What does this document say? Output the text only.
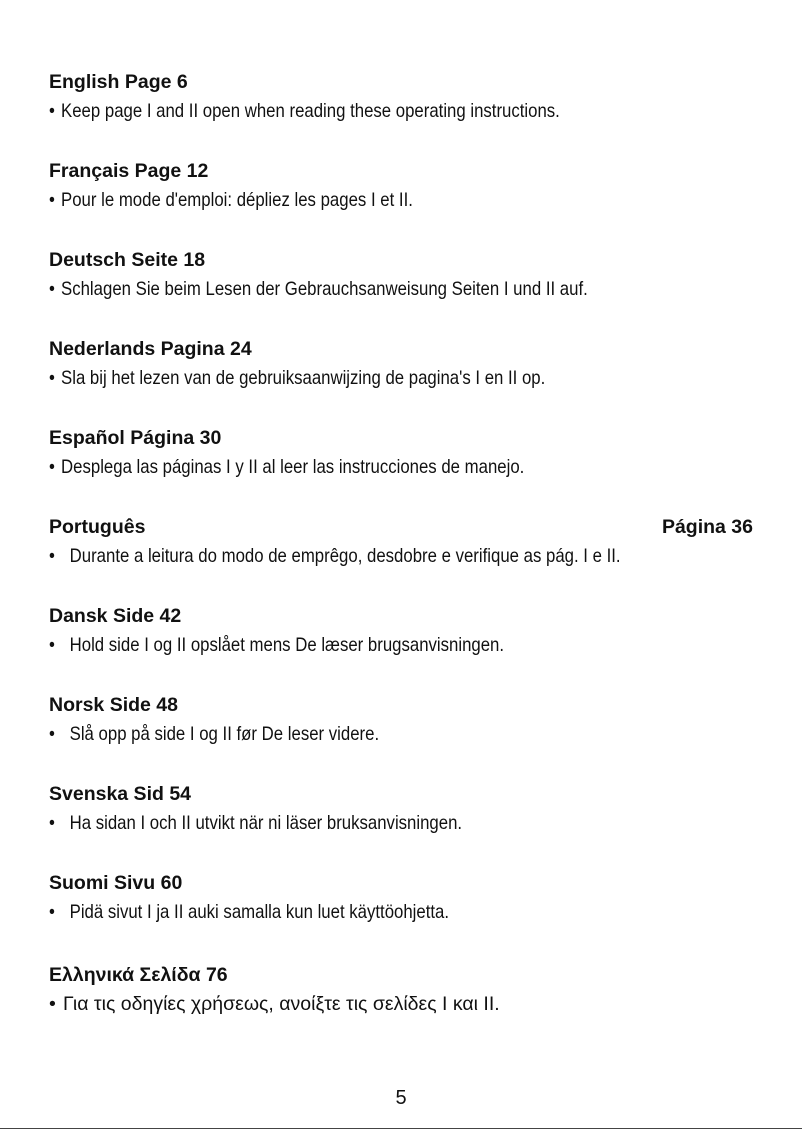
English Page 6
• Keep page I and II open when reading these operating instructions.
Français Page 12
• Pour le mode d'emploi: dépliez les pages I et II.
Deutsch Seite 18
• Schlagen Sie beim Lesen der Gebrauchsanweisung Seiten I und II auf.
Nederlands Pagina 24
• Sla bij het lezen van de gebruiksaanwijzing de pagina's I en II op.
Español Página 30
• Desplega las páginas I y II al leer las instrucciones de manejo.
Português	Página 36
• Durante a leitura do modo de emprêgo, desdobre e verifique as pág. I e II.
Dansk Side 42
• Hold side I og II opslået mens De læser brugsanvisningen.
Norsk Side 48
• Slå opp på side I og II før De leser videre.
Svenska Sid 54
• Ha sidan I och II utvikt när ni läser bruksanvisningen.
Suomi Sivu 60
• Pidä sivut I ja II auki samalla kun luet käyttöohjetta.
Ελληνικά Σελίδα 76
• Για τις οδηγίες χρήσεως, ανοίξτε τις σελίδες I και II.
5
